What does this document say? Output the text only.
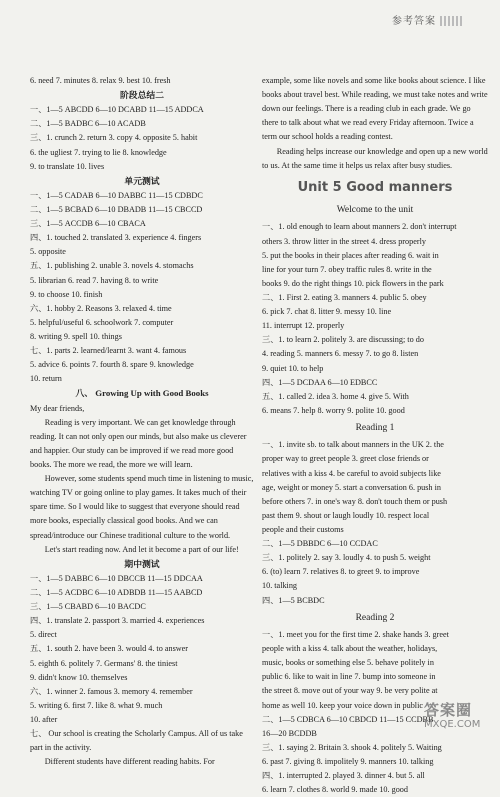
参考答案
6. need 7. minutes 8. relax 9. best 10. fresh
阶段总结二
一、1—5 ABCDD 6—10 DCABD 11—15 ADDCA
二、1—5 BADBC 6—10 ACADB
三、1. crunch 2. return 3. copy 4. opposite 5. habit
6. the ugliest 7. trying to lie 8. knowledge
9. to translate 10. lives
单元测试
一、1—5 CADAB 6—10 DABBC 11—15 CDBDC
二、1—5 BCBAD 6—10 DBADB 11—15 CBCCD
三、1—5 ACCDB 6—10 CBACA
四、1. touched 2. translated 3. experience 4. fingers
5. opposite
五、1. publishing 2. unable 3. novels 4. stomachs
5. librarian 6. read 7. having 8. to write
9. to choose 10. finish
六、1. hobby 2. Reasons 3. relaxed 4. time
5. helpful/useful 6. schoolwork 7. computer
8. writing 9. spell 10. things
七、1. parts 2. learned/learnt 3. want 4. famous
5. advice 6. points 7. fourth 8. spare 9. knowledge
10. return
八、 Growing Up with Good Books
My dear friends,
Reading is very important. We can get knowledge through reading. It can not only open our minds, but also make us cleverer and happier. Our study can be improved if we read more good books. The more we read, the more we will learn.
However, some students spend much time in listening to music, watching TV or going online to play games. It takes much of their spare time. So I would like to suggest that everyone should read more books, especially classical good books. And we can spread/introduce our Chinese traditional culture to the world.
Let's start reading now. And let it become a part of our life!
期中测试
一、1—5 DABBC 6—10 DBCCB 11—15 DDCAA
二、1—5 ACDBC 6—10 ADBDB 11—15 AABCD
三、1—5 CBABD 6—10 BACDC
四、1. translate 2. passport 3. married 4. experiences
5. direct
五、1. south 2. have been 3. would 4. to answer
5. eighth 6. politely 7. Germans' 8. the tiniest
9. didn't know 10. themselves
六、1. winner 2. famous 3. memory 4. remember
5. writing 6. first 7. like 8. what 9. much
10. after
七、 Our school is creating the Scholarly Campus. All of us take part in the activity.
Different students have different reading habits. For
example, some like novels and some like books about science. I like books about travel best. While reading, we must take notes and write down our feelings. There is a reading club in each grade. We go there to talk about what we read every Friday afternoon. Twice a term our school holds a reading contest.
Reading helps increase our knowledge and open up a new world to us. At the same time it helps us relax after busy studies.
Unit 5 Good manners
Welcome to the unit
一、1. old enough to learn about manners 2. don't interrupt
others 3. throw litter in the street 4. dress properly
5. put the books in their places after reading 6. wait in
line for your turn 7. obey traffic rules 8. write in the
books 9. do the right things 10. pick flowers in the park
二、1. First 2. eating 3. manners 4. public 5. obey
6. pick 7. chat 8. litter 9. messy 10. line
11. interrupt 12. properly
三、1. to learn 2. politely 3. are discussing; to do
4. reading 5. manners 6. messy 7. to go 8. listen
9. quiet 10. to help
四、1—5 DCDAA 6—10 EDBCC
五、1. called 2. idea 3. home 4. give 5. With
6. means 7. help 8. worry 9. polite 10. good
Reading 1
一、1. invite sb. to talk about manners in the UK 2. the
proper way to greet people 3. greet close friends or
relatives with a kiss 4. be careful to avoid subjects like
age, weight or money 5. start a conversation 6. push in
before others 7. in one's way 8. don't touch them or push
past them 9. shout or laugh loudly 10. respect local
people and their customs
二、1—5 DBBDC 6—10 CCDAC
三、1. politely 2. say 3. loudly 4. to push 5. weight
6. (to) learn 7. relatives 8. to greet 9. to improve
10. talking
四、1—5 BCBDC
Reading 2
一、1. meet you for the first time 2. shake hands 3. greet
people with a kiss 4. talk about the weather, holidays,
music, books or something else 5. behave politely in
public 6. like to wait in line 7. bump into someone in
the street 8. move out of your way 9. be very polite at
home as well 10. keep your voice down in public
二、1—5 CDBCA 6—10 CBDCD 11—15 CCDBB
16—20 BCDDB
三、1. saying 2. Britain 3. shook 4. politely 5. Waiting
6. past 7. giving 8. impolitely 9. manners 10. talking
四、1. interrupted 2. played 3. dinner 4. but 5. all
6. learn 7. clothes 8. world 9. made 10. good
答案圈
MXQE.COM
